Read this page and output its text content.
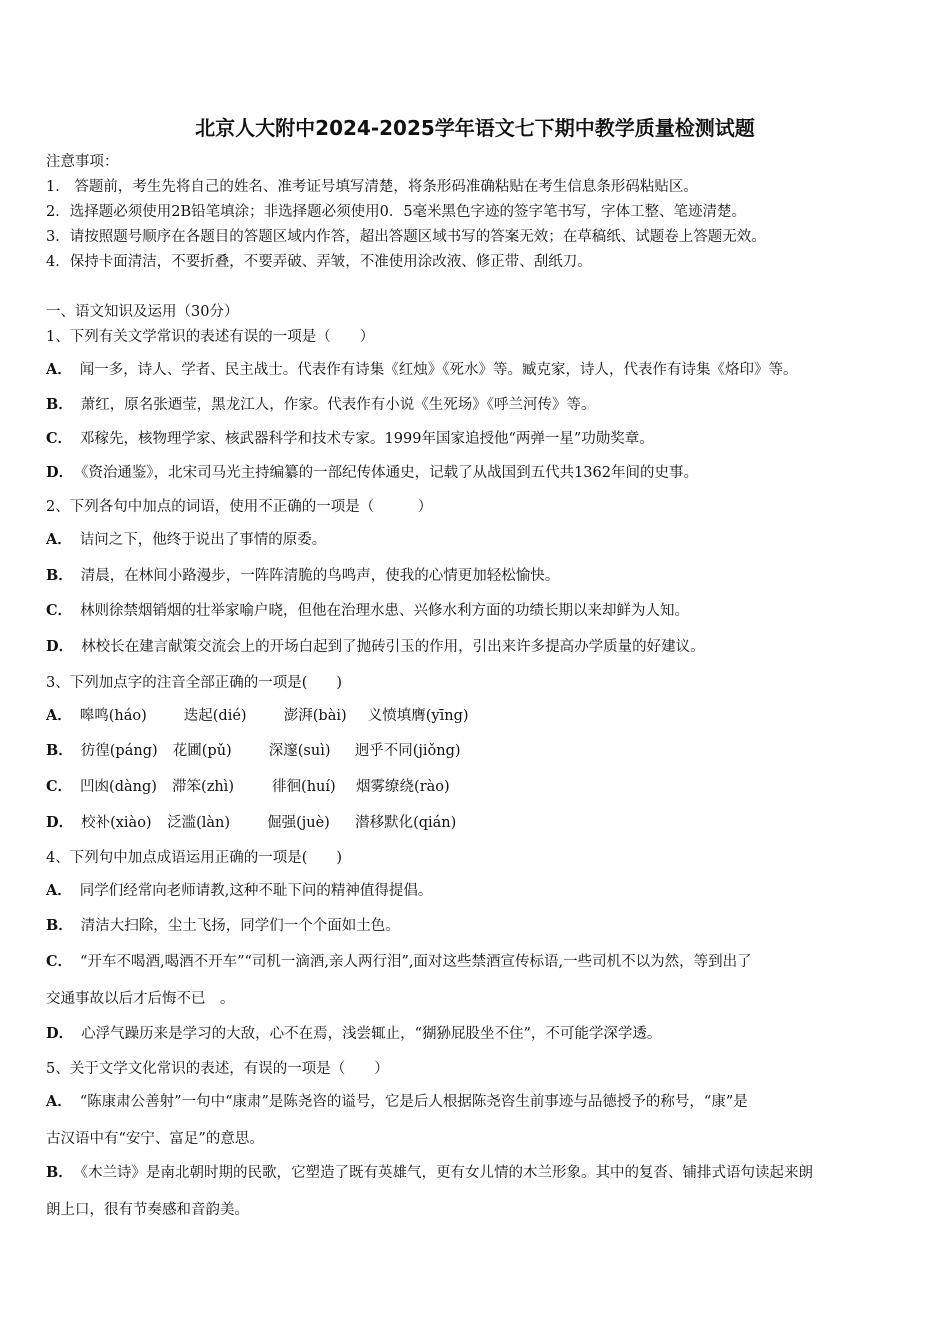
北京人大附中2024-2025学年语文七下期中教学质量检测试题
注意事项：
1． 答题前，考生先将自己的姓名、准考证号填写清楚，将条形码准确粘贴在考生信息条形码粘贴区。
2．选择题必须使用2B铅笔填涂；非选择题必须使用0．5毫米黑色字迹的签字笔书写，字体工整、笔迹清楚。
3．请按照题号顺序在各题目的答题区域内作答，超出答题区域书写的答案无效；在草稿纸、试题卷上答题无效。
4．保持卡面清洁，不要折叠，不要弄破、弄皱，不准使用涂改液、修正带、刮纸刀。
一、语文知识及运用（30分）
1、下列有关文学常识的表述有误的一项是（　　）
A． 闻一多，诗人、学者、民主战士。代表作有诗集《红烛》《死水》等。臧克家，诗人，代表作有诗集《烙印》等。
B． 萧红，原名张迺莹，黑龙江人，作家。代表作有小说《生死场》《呼兰河传》等。
C． 邓稼先，核物理学家、核武器科学和技术专家。1999年国家追授他“两弹一星”功勋奖章。
D． 《资治通鉴》，北宋司马光主持编纂的一部纪传体通史，记载了从战国到五代共1362年间的史事。
2、下列各句中加点的词语，使用不正确的一项是（　　　）
A． 诘问之下，他终于说出了事情的原委。
B． 清晨，在林间小路漫步，一阵阵清脆的鸟鸣声，使我的心情更加轻松愉快。
C． 林则徐禁烟销烟的壮举家喻户晓，但他在治理水患、兴修水利方面的功绩长期以来却鲜为人知。
D． 林校长在建言献策交流会上的开场白起到了抛砖引玉的作用，引出来许多提高办学质量的好建议。
3、下列加点字的注音全部正确的一项是(　　)
A． 嗥鸣(háo)	迭起(dié)	澎湃(bài) 义愤填膺(yīng)
B． 彷徨(páng) 花圃(pǔ)	深邃(suì) 迥乎不同(jiǒng)
C． 凹凼(dàng) 滞笨(zhì)	徘徊(huí) 烟雾缭绕(rào)
D． 校补(xiào) 泛滥(làn)	倔强(juè) 潜移默化(qián)
4、下列句中加点成语运用正确的一项是(　　)
A． 同学们经常向老师请教,这种不耻下问的精神值得提倡。
B． 清洁大扫除，尘土飞扬，同学们一个个面如土色。
C． “开车不喝酒,喝酒不开车”“司机一滴酒,亲人两行泪”,面对这些禁酒宣传标语,一些司机不以为然，等到出了
交通事故以后才后悔不已　。
D． 心浮气躁历来是学习的大敌，心不在焉，浅尝辄止，“猢狲屁股坐不住”，不可能学深学透。
5、关于文学文化常识的表述，有误的一项是（　　）
A． “陈康肃公善射”一句中“康肃”是陈尧咨的谥号，它是后人根据陈尧咨生前事迹与品德授予的称号，“康”是
古汉语中有“安宁、富足”的意思。
B． 《木兰诗》是南北朝时期的民歌，它塑造了既有英雄气，更有女儿情的木兰形象。其中的复沓、铺排式语句读起来朗
朗上口，很有节奏感和音韵美。
